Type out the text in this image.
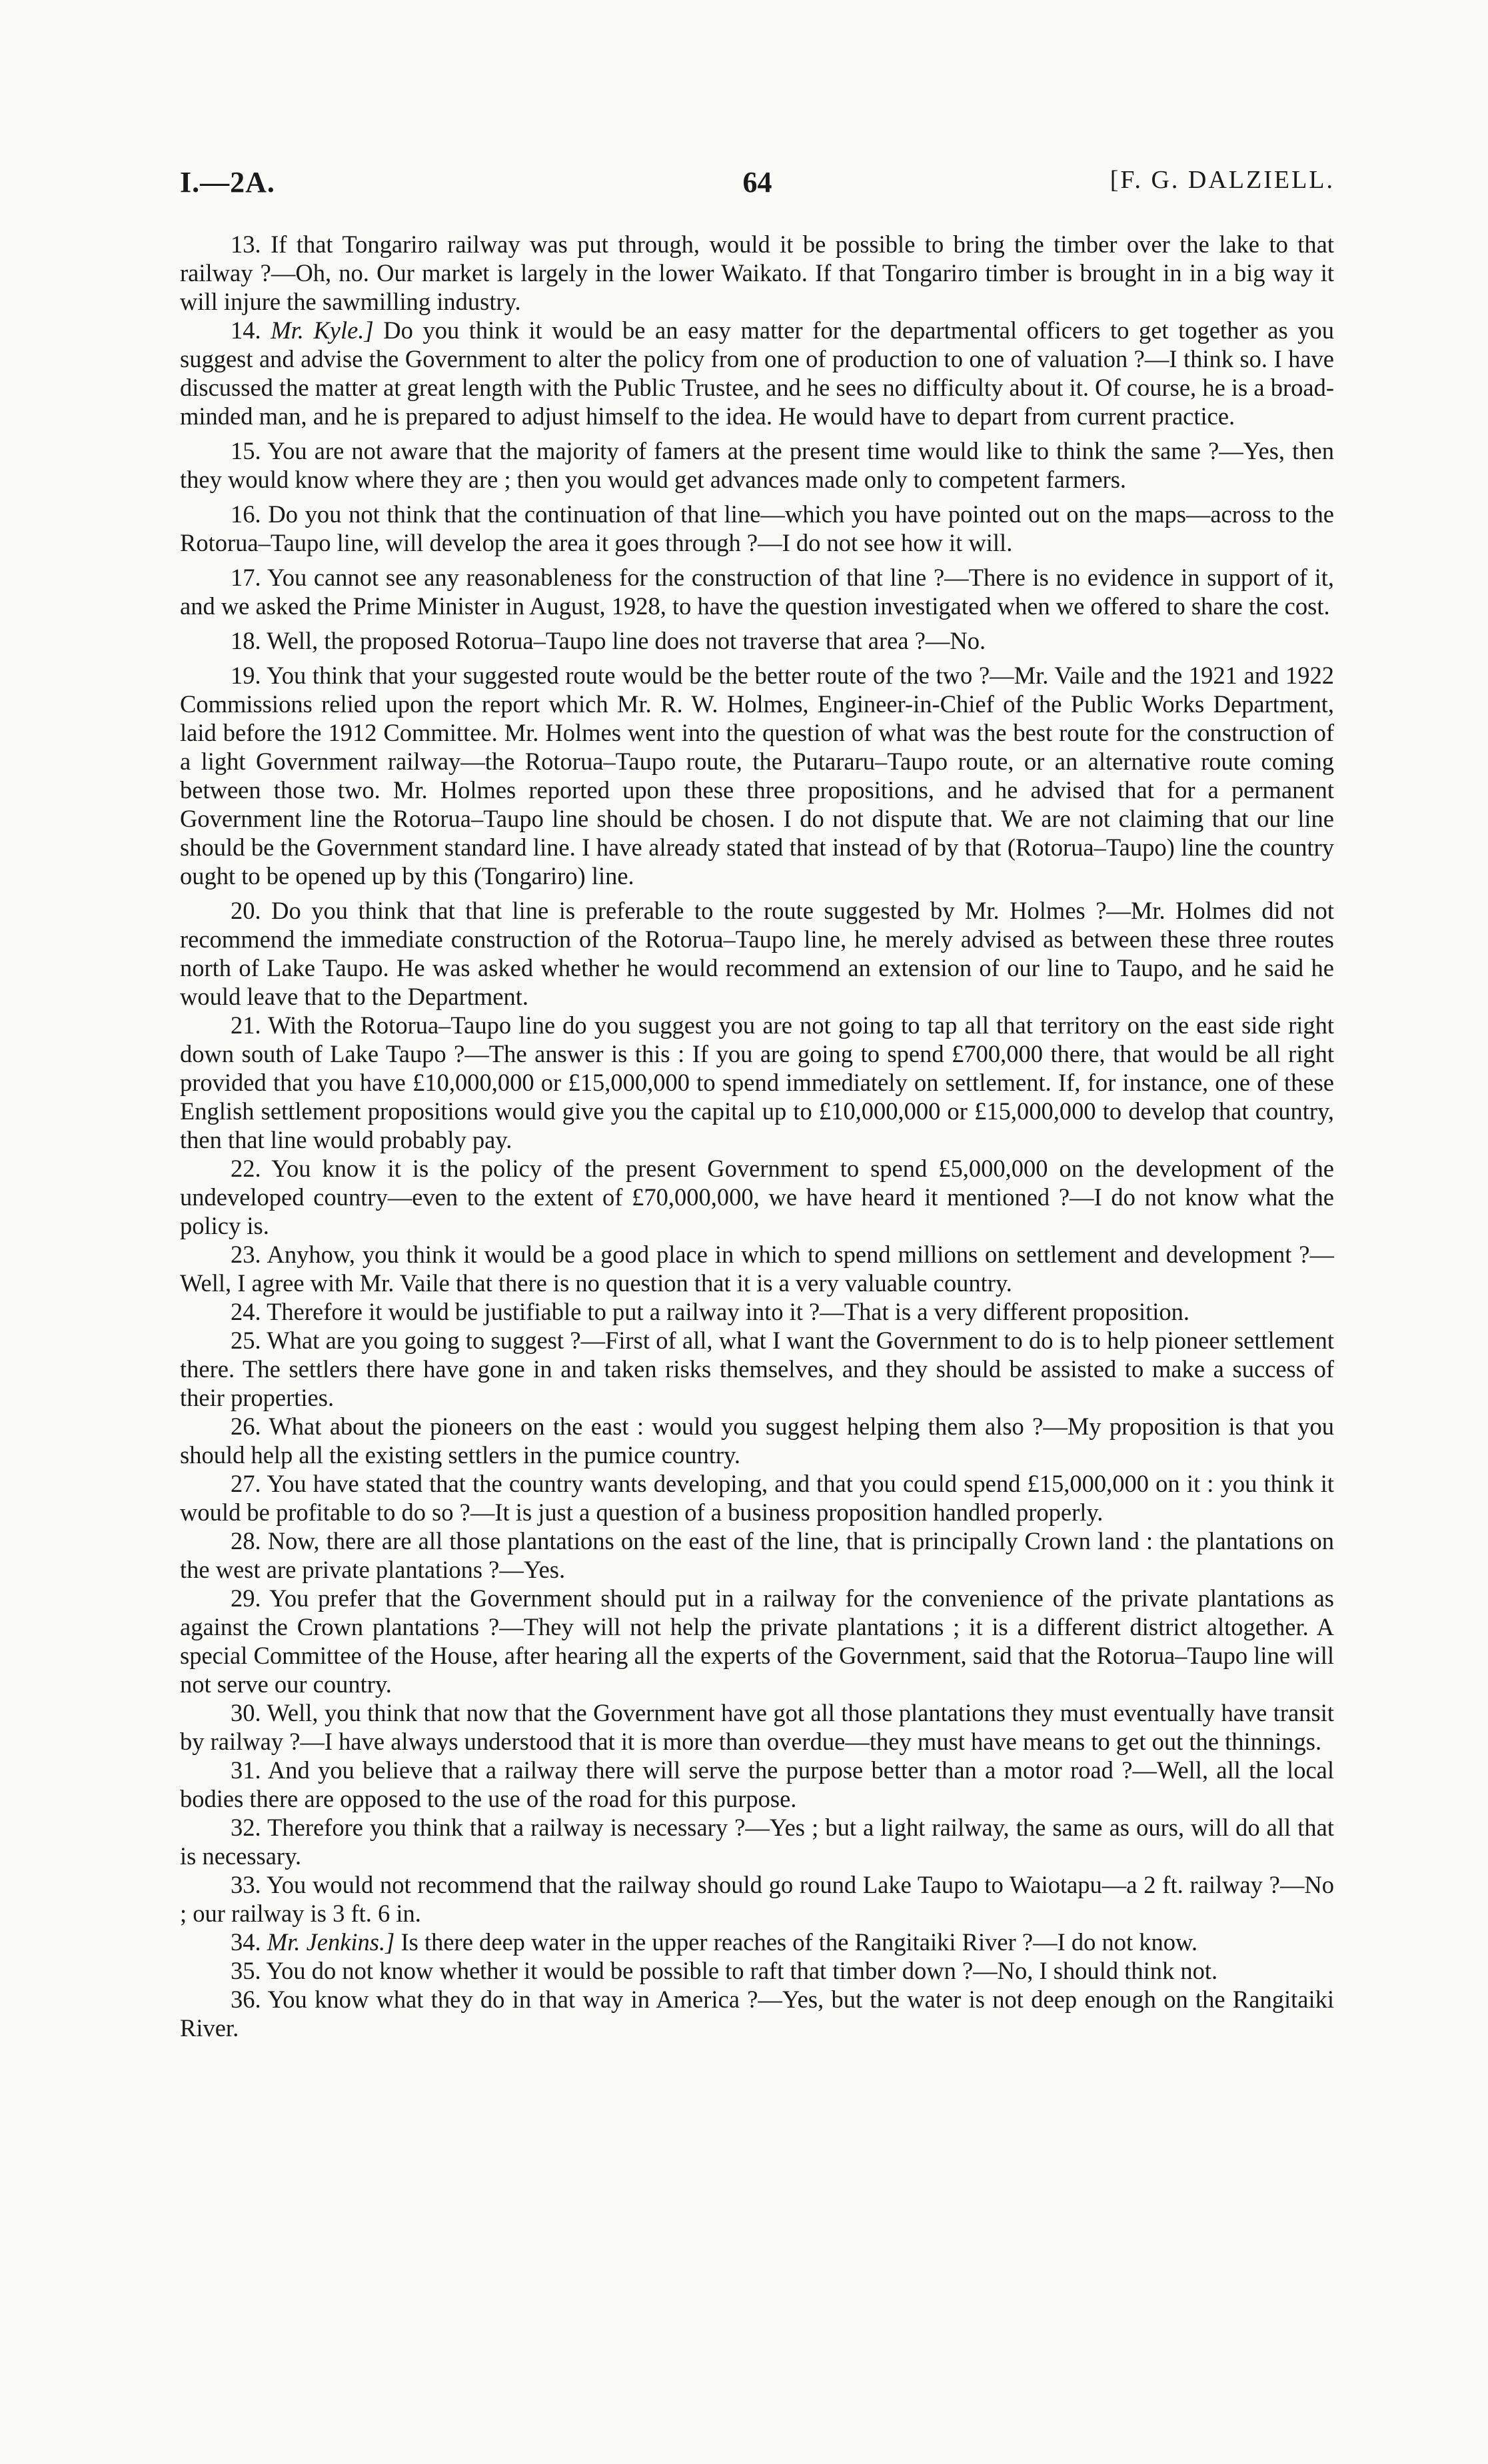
I.—2A.	64	[F. G. DALZIELL.

13. If that Tongariro railway was put through, would it be possible to bring the timber over the lake to that railway ?—Oh, no. Our market is largely in the lower Waikato. If that Tongariro timber is brought in in a big way it will injure the sawmilling industry.

14. Mr. Kyle.] Do you think it would be an easy matter for the departmental officers to get together as you suggest and advise the Government to alter the policy from one of production to one of valuation ?—I think so. I have discussed the matter at great length with the Public Trustee, and he sees no difficulty about it. Of course, he is a broad-minded man, and he is prepared to adjust himself to the idea. He would have to depart from current practice.

15. You are not aware that the majority of famers at the present time would like to think the same ?—Yes, then they would know where they are ; then you would get advances made only to competent farmers.

16. Do you not think that the continuation of that line—which you have pointed out on the maps—across to the Rotorua–Taupo line, will develop the area it goes through ?—I do not see how it will.

17. You cannot see any reasonableness for the construction of that line ?—There is no evidence in support of it, and we asked the Prime Minister in August, 1928, to have the question investigated when we offered to share the cost.

18. Well, the proposed Rotorua–Taupo line does not traverse that area ?—No.

19. You think that your suggested route would be the better route of the two ?—Mr. Vaile and the 1921 and 1922 Commissions relied upon the report which Mr. R. W. Holmes, Engineer-in-Chief of the Public Works Department, laid before the 1912 Committee. Mr. Holmes went into the question of what was the best route for the construction of a light Government railway—the Rotorua–Taupo route, the Putararu–Taupo route, or an alternative route coming between those two. Mr. Holmes reported upon these three propositions, and he advised that for a permanent Government line the Rotorua–Taupo line should be chosen. I do not dispute that. We are not claiming that our line should be the Government standard line. I have already stated that instead of by that (Rotorua–Taupo) line the country ought to be opened up by this (Tongariro) line.

20. Do you think that that line is preferable to the route suggested by Mr. Holmes ?—Mr. Holmes did not recommend the immediate construction of the Rotorua–Taupo line, he merely advised as between these three routes north of Lake Taupo. He was asked whether he would recommend an extension of our line to Taupo, and he said he would leave that to the Department.

21. With the Rotorua–Taupo line do you suggest you are not going to tap all that territory on the east side right down south of Lake Taupo ?—The answer is this : If you are going to spend £700,000 there, that would be all right provided that you have £10,000,000 or £15,000,000 to spend immediately on settlement. If, for instance, one of these English settlement propositions would give you the capital up to £10,000,000 or £15,000,000 to develop that country, then that line would probably pay.

22. You know it is the policy of the present Government to spend £5,000,000 on the development of the undeveloped country—even to the extent of £70,000,000, we have heard it mentioned ?—I do not know what the policy is.

23. Anyhow, you think it would be a good place in which to spend millions on settlement and development ?—Well, I agree with Mr. Vaile that there is no question that it is a very valuable country.

24. Therefore it would be justifiable to put a railway into it ?—That is a very different proposition.

25. What are you going to suggest ?—First of all, what I want the Government to do is to help pioneer settlement there. The settlers there have gone in and taken risks themselves, and they should be assisted to make a success of their properties.

26. What about the pioneers on the east : would you suggest helping them also ?—My proposition is that you should help all the existing settlers in the pumice country.

27. You have stated that the country wants developing, and that you could spend £15,000,000 on it : you think it would be profitable to do so ?—It is just a question of a business proposition handled properly.

28. Now, there are all those plantations on the east of the line, that is principally Crown land : the plantations on the west are private plantations ?—Yes.

29. You prefer that the Government should put in a railway for the convenience of the private plantations as against the Crown plantations ?—They will not help the private plantations ; it is a different district altogether. A special Committee of the House, after hearing all the experts of the Government, said that the Rotorua–Taupo line will not serve our country.

30. Well, you think that now that the Government have got all those plantations they must eventually have transit by railway ?—I have always understood that it is more than overdue—they must have means to get out the thinnings.

31. And you believe that a railway there will serve the purpose better than a motor road ?—Well, all the local bodies there are opposed to the use of the road for this purpose.

32. Therefore you think that a railway is necessary ?—Yes ; but a light railway, the same as ours, will do all that is necessary.

33. You would not recommend that the railway should go round Lake Taupo to Waiotapu—a 2 ft. railway ?—No ; our railway is 3 ft. 6 in.

34. Mr. Jenkins.] Is there deep water in the upper reaches of the Rangitaiki River ?—I do not know.

35. You do not know whether it would be possible to raft that timber down ?—No, I should think not.

36. You know what they do in that way in America ?—Yes, but the water is not deep enough on the Rangitaiki River.
